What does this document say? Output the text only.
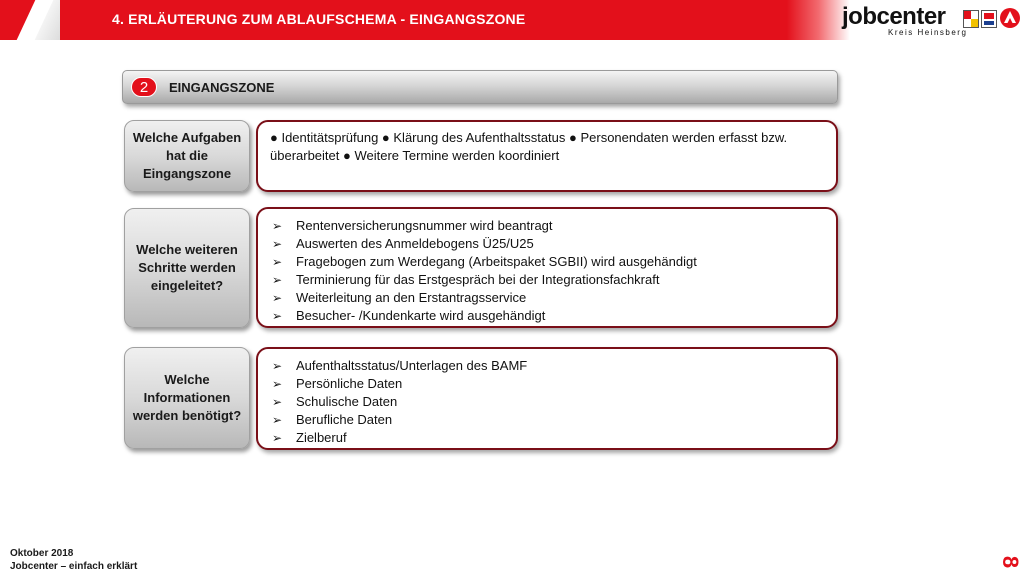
4. ERLÄUTERUNG ZUM ABLAUFSCHEMA - EINGANGSZONE	jobcenter
Kreis Heinsberg
2	EINGANGSZONE
Welche Aufgaben hat die Eingangszone

● Identitätsprüfung ● Klärung des Aufenthaltsstatus ● Personendaten werden erfasst bzw. überarbeitet ● Weitere Termine werden koordiniert

Welche weiteren Schritte werden eingeleitet?
➢ Rentenversicherungsnummer wird beantragt
➢ Auswerten des Anmeldebogens Ü25/U25
➢ Fragebogen zum Werdegang (Arbeitspaket SGBII) wird ausgehändigt
➢ Terminierung für das Erstgespräch bei der Integrationsfachkraft
➢ Weiterleitung an den Erstantragsservice
➢ Besucher- /Kundenkarte wird ausgehändigt
Welche Informationen werden benötigt?
➢ Aufenthaltsstatus/Unterlagen des BAMF
➢ Persönliche Daten
➢ Schulische Daten
➢ Berufliche Daten
➢ Zielberuf
Oktober 2018
Jobcenter – einfach erklärt	8
